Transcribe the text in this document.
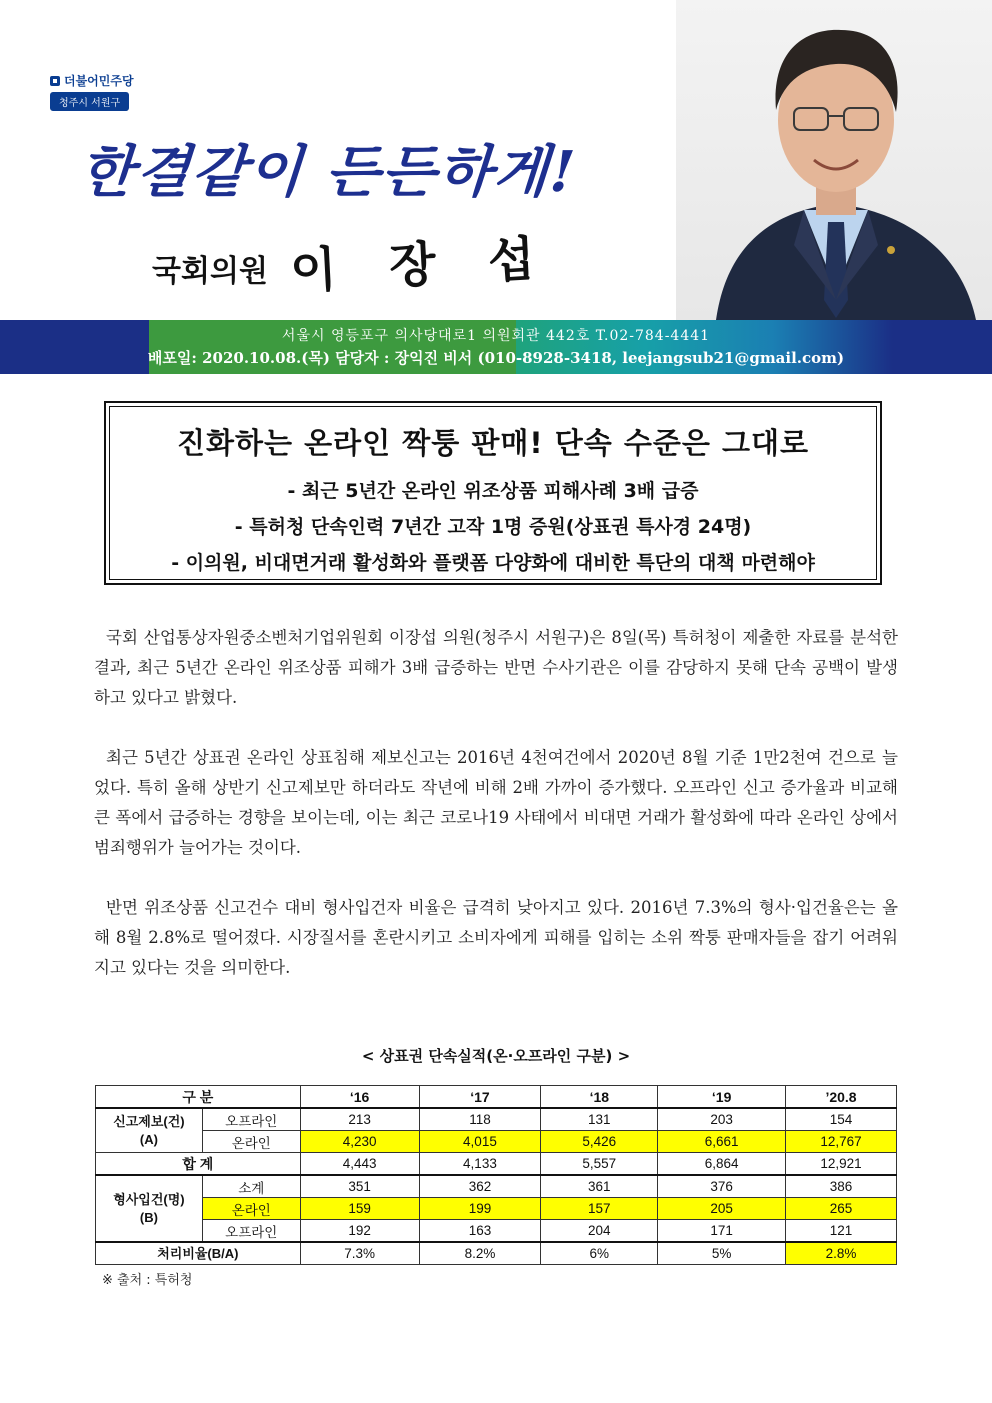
더불어민주당
청주시 서원구
한결같이 든든하게!
국회의원 이 장 섭
서울시 영등포구 의사당대로1 의원회관 442호 T.02-784-4441
배포일: 2020.10.08.(목) 담당자 : 장익진 비서 (010-8928-3418, leejangsub21@gmail.com)
진화하는 온라인 짝퉁 판매! 단속 수준은 그대로
- 최근 5년간 온라인 위조상품 피해사례 3배 급증
- 특허청 단속인력 7년간 고작 1명 증원(상표권 특사경 24명)
- 이의원, 비대면거래 활성화와 플랫폼 다양화에 대비한 특단의 대책 마련해야

국회 산업통상자원중소벤처기업위원회 이장섭 의원(청주시 서원구)은 8일(목) 특허청이 제출한 자료를 분석한 결과, 최근 5년간 온라인 위조상품 피해가 3배 급증하는 반면 수사기관은 이를 감당하지 못해 단속 공백이 발생하고 있다고 밝혔다.

최근 5년간 상표권 온라인 상표침해 제보신고는 2016년 4천여건에서 2020년 8월 기준 1만2천여 건으로 늘었다. 특히 올해 상반기 신고제보만 하더라도 작년에 비해 2배 가까이 증가했다. 오프라인 신고 증가율과 비교해 큰 폭에서 급증하는 경향을 보이는데, 이는 최근 코로나19 사태에서 비대면 거래가 활성화에 따라 온라인 상에서 범죄행위가 늘어가는 것이다.

반면 위조상품 신고건수 대비 형사입건자 비율은 급격히 낮아지고 있다. 2016년 7.3%의 형사·입건율은는 올해 8월 2.8%로 떨어졌다. 시장질서를 혼란시키고 소비자에게 피해를 입히는 소위 짝퉁 판매자들을 잡기 어려워 지고 있다는 것을 의미한다.

< 상표권 단속실적(온·오프라인 구분) >
구 분		‘16	‘17	‘18	‘19	’20.8
신고제보(건)
(A)	오프라인	213	118	131	203	154
	온라인	4,230	4,015	5,426	6,661	12,767
합 계		4,443	4,133	5,557	6,864	12,921
형사입건(명)
(B)	소계	351	362	361	376	386
	온라인	159	199	157	205	265
	오프라인	192	163	204	171	121
처리비율(B/A)		7.3%	8.2%	6%	5%	2.8%
※ 출처 : 특허청
